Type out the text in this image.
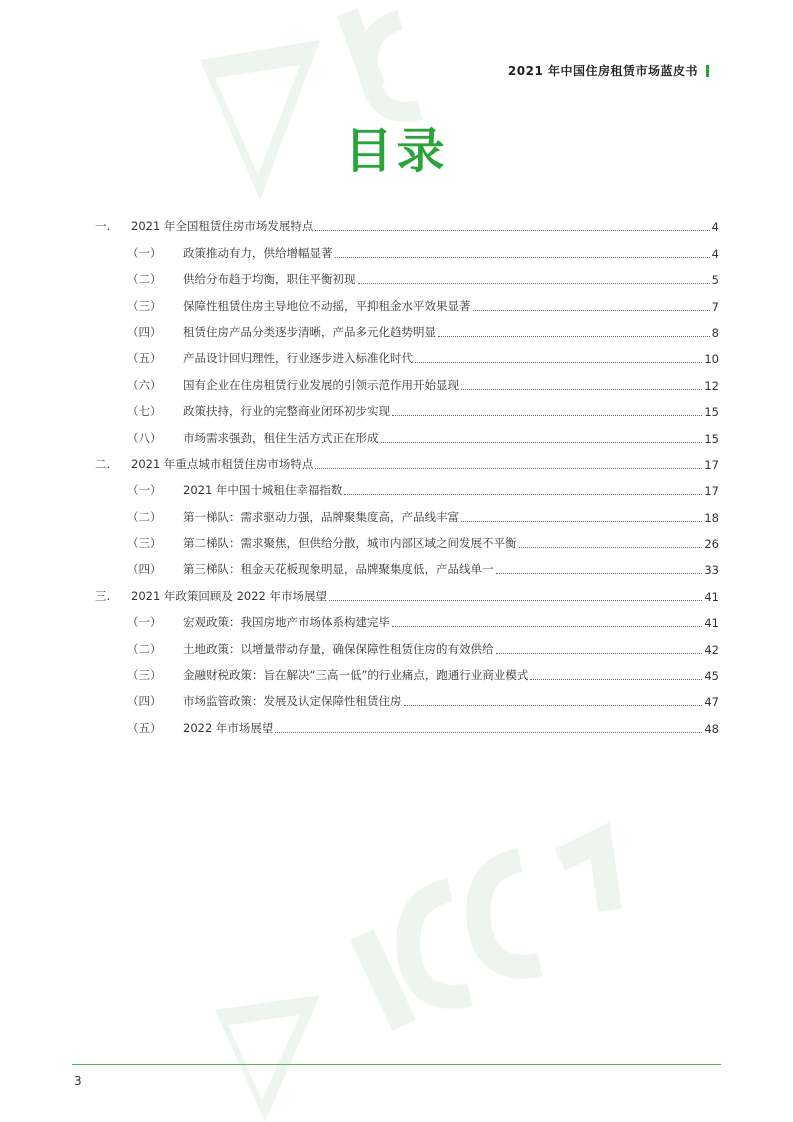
2021 年中国住房租赁市场蓝皮书
目录
一.	2021 年全国租赁住房市场发展特点	4
（一）	政策推动有力，供给增幅显著	4
（二）	供给分布趋于均衡，职住平衡初现	5
（三）	保障性租赁住房主导地位不动摇，平抑租金水平效果显著	7
（四）	租赁住房产品分类逐步清晰，产品多元化趋势明显	8
（五）	产品设计回归理性，行业逐步进入标准化时代	10
（六）	国有企业在住房租赁行业发展的引领示范作用开始显现	12
（七）	政策扶持，行业的完整商业闭环初步实现	15
（八）	市场需求强劲，租住生活方式正在形成	15
二.	2021 年重点城市租赁住房市场特点	17
（一）	2021 年中国十城租住幸福指数	17
（二）	第一梯队：需求驱动力强，品牌聚集度高，产品线丰富	18
（三）	第二梯队：需求聚焦，但供给分散，城市内部区域之间发展不平衡	26
（四）	第三梯队：租金天花板现象明显，品牌聚集度低，产品线单一	33
三.	2021 年政策回顾及 2022 年市场展望	41
（一）	宏观政策：我国房地产市场体系构建完毕	41
（二）	土地政策：以增量带动存量，确保保障性租赁住房的有效供给	42
（三）	金融财税政策：旨在解决“三高一低”的行业痛点，跑通行业商业模式	45
（四）	市场监管政策：发展及认定保障性租赁住房	47
（五）	2022 年市场展望	48
3
